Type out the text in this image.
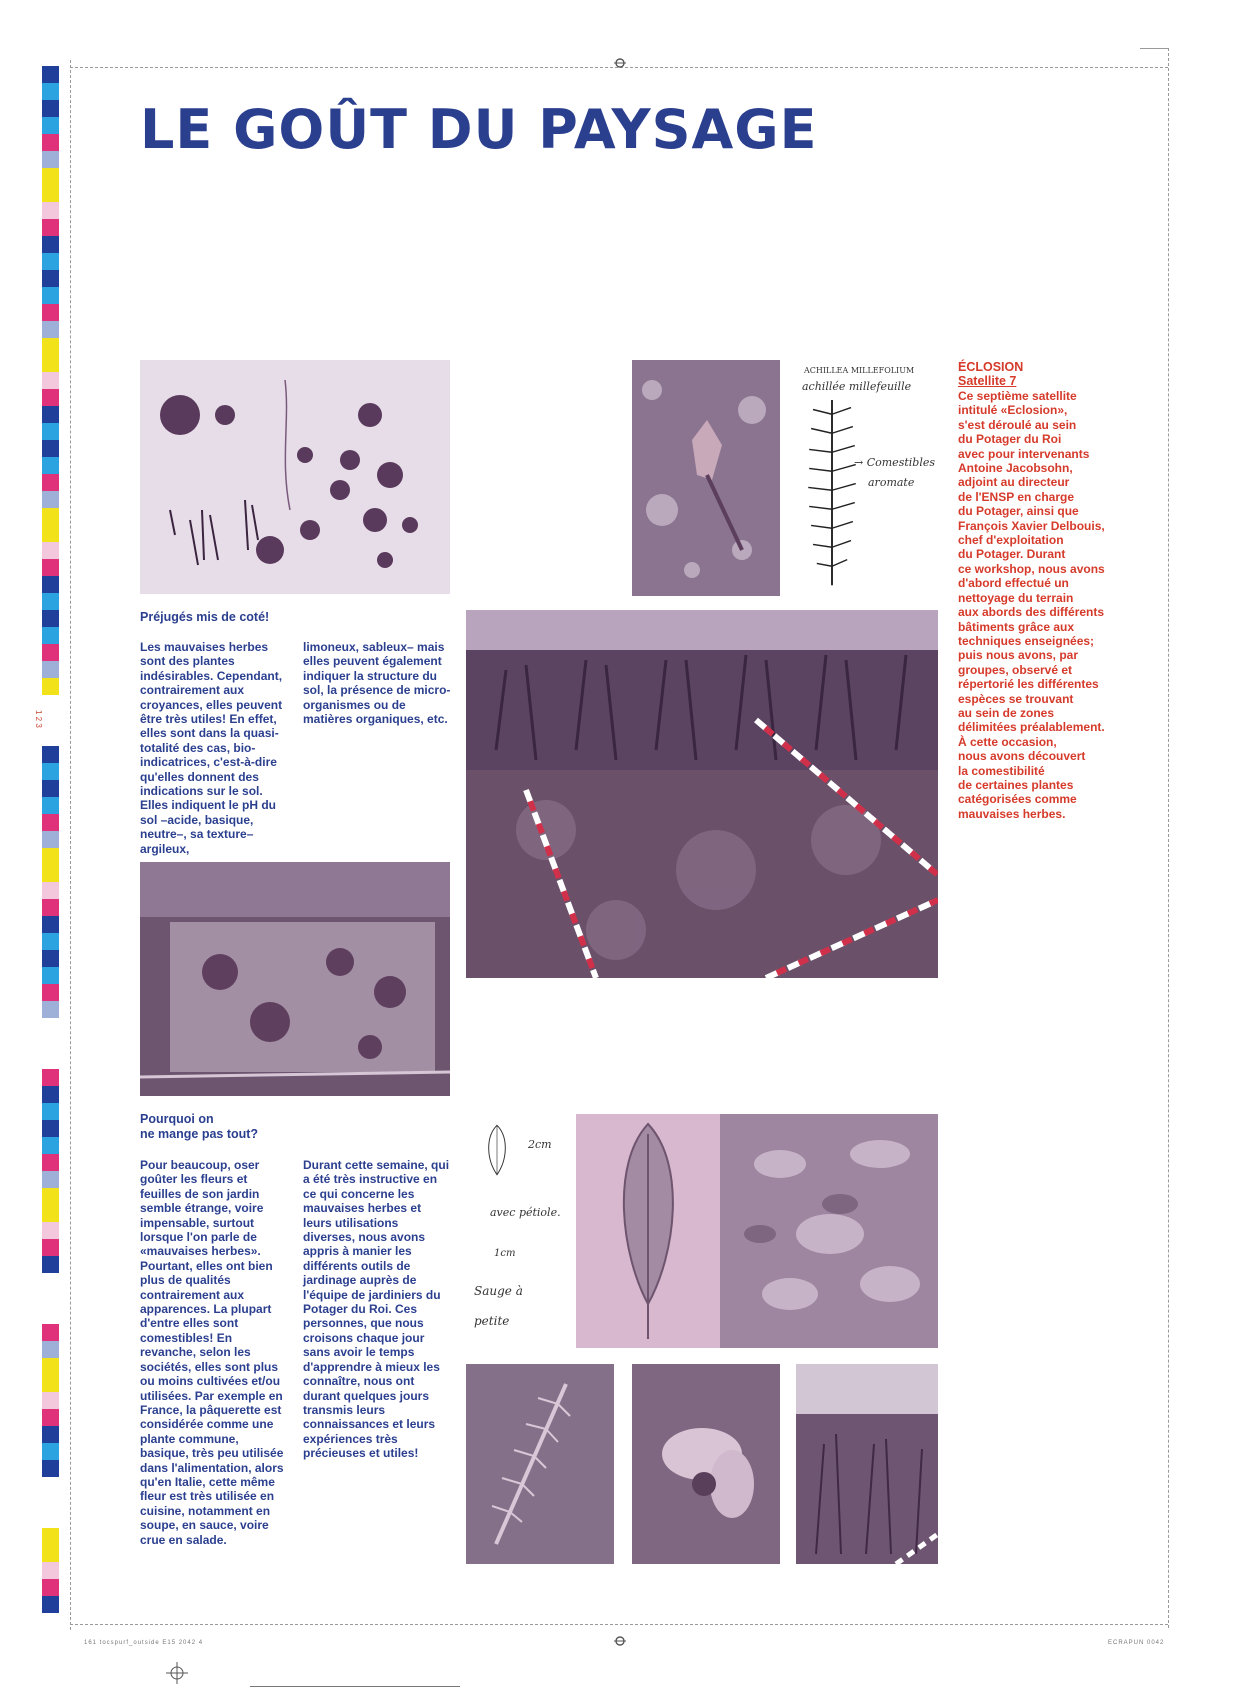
161 tocspurf_outside E15 2042 4	ECRAPUN 0042
1 2 3
LE GOÛT DU PAYSAGE
ACHILLEA MILLEFOLIUM
achillée millefeuille
→ Comestibles
aromate
2cm
avec pétiole.
1cm
Sauge à
petite

Préjugés mis de coté!

Les mauvaises herbes sont des plantes indésirables. Cependant, contrairement aux croyances, elles peuvent être très utiles! En effet, elles sont dans la quasi-totalité des cas, bio-indicatrices, c'est-à-dire qu'elles donnent des indications sur le sol. Elles indiquent le pH du sol –acide, basique, neutre–, sa texture–argileux,

limoneux, sableux– mais elles peuvent également indiquer la structure du sol, la présence de micro-organismes ou de matières organiques, etc.

Pourquoi on

ne mange pas tout?

Pour beaucoup, oser goûter les fleurs et feuilles de son jardin semble étrange, voire impensable, surtout lorsque l'on parle de «mauvaises herbes». Pourtant, elles ont bien plus de qualités contrairement aux apparences. La plupart d'entre elles sont comestibles! En revanche, selon les sociétés, elles sont plus ou moins cultivées et/ou utilisées. Par exemple en France, la pâquerette est considérée comme une plante commune, basique, très peu utilisée dans l'alimentation, alors qu'en Italie, cette même fleur est très utilisée en cuisine, notamment en soupe, en sauce, voire crue en salade.

Durant cette semaine, qui a été très instructive en ce qui concerne les mauvaises herbes et leurs utilisations diverses, nous avons appris à manier les différents outils de jardinage auprès de l'équipe de jardiniers du Potager du Roi. Ces personnes, que nous croisons chaque jour sans avoir le temps d'apprendre à mieux les connaître, nous ont durant quelques jours transmis leurs connaissances et leurs expériences très précieuses et utiles!

ÉCLOSION

Satellite 7

Ce septième satellite
intitulé «Eclosion»,
s'est déroulé au sein
du Potager du Roi
avec pour intervenants
Antoine Jacobsohn,
adjoint au directeur
de l'ENSP en charge
du Potager, ainsi que
François Xavier Delbouis,
chef d'exploitation
du Potager. Durant
ce workshop, nous avons
d'abord effectué un
nettoyage du terrain
aux abords des différents
bâtiments grâce aux
techniques enseignées;
puis nous avons, par
groupes, observé et
répertorié les différentes
espèces se trouvant
au sein de zones
délimitées préalablement.
À cette occasion,
nous avons découvert
la comestibilité
de certaines plantes
catégorisées comme
mauvaises herbes.
